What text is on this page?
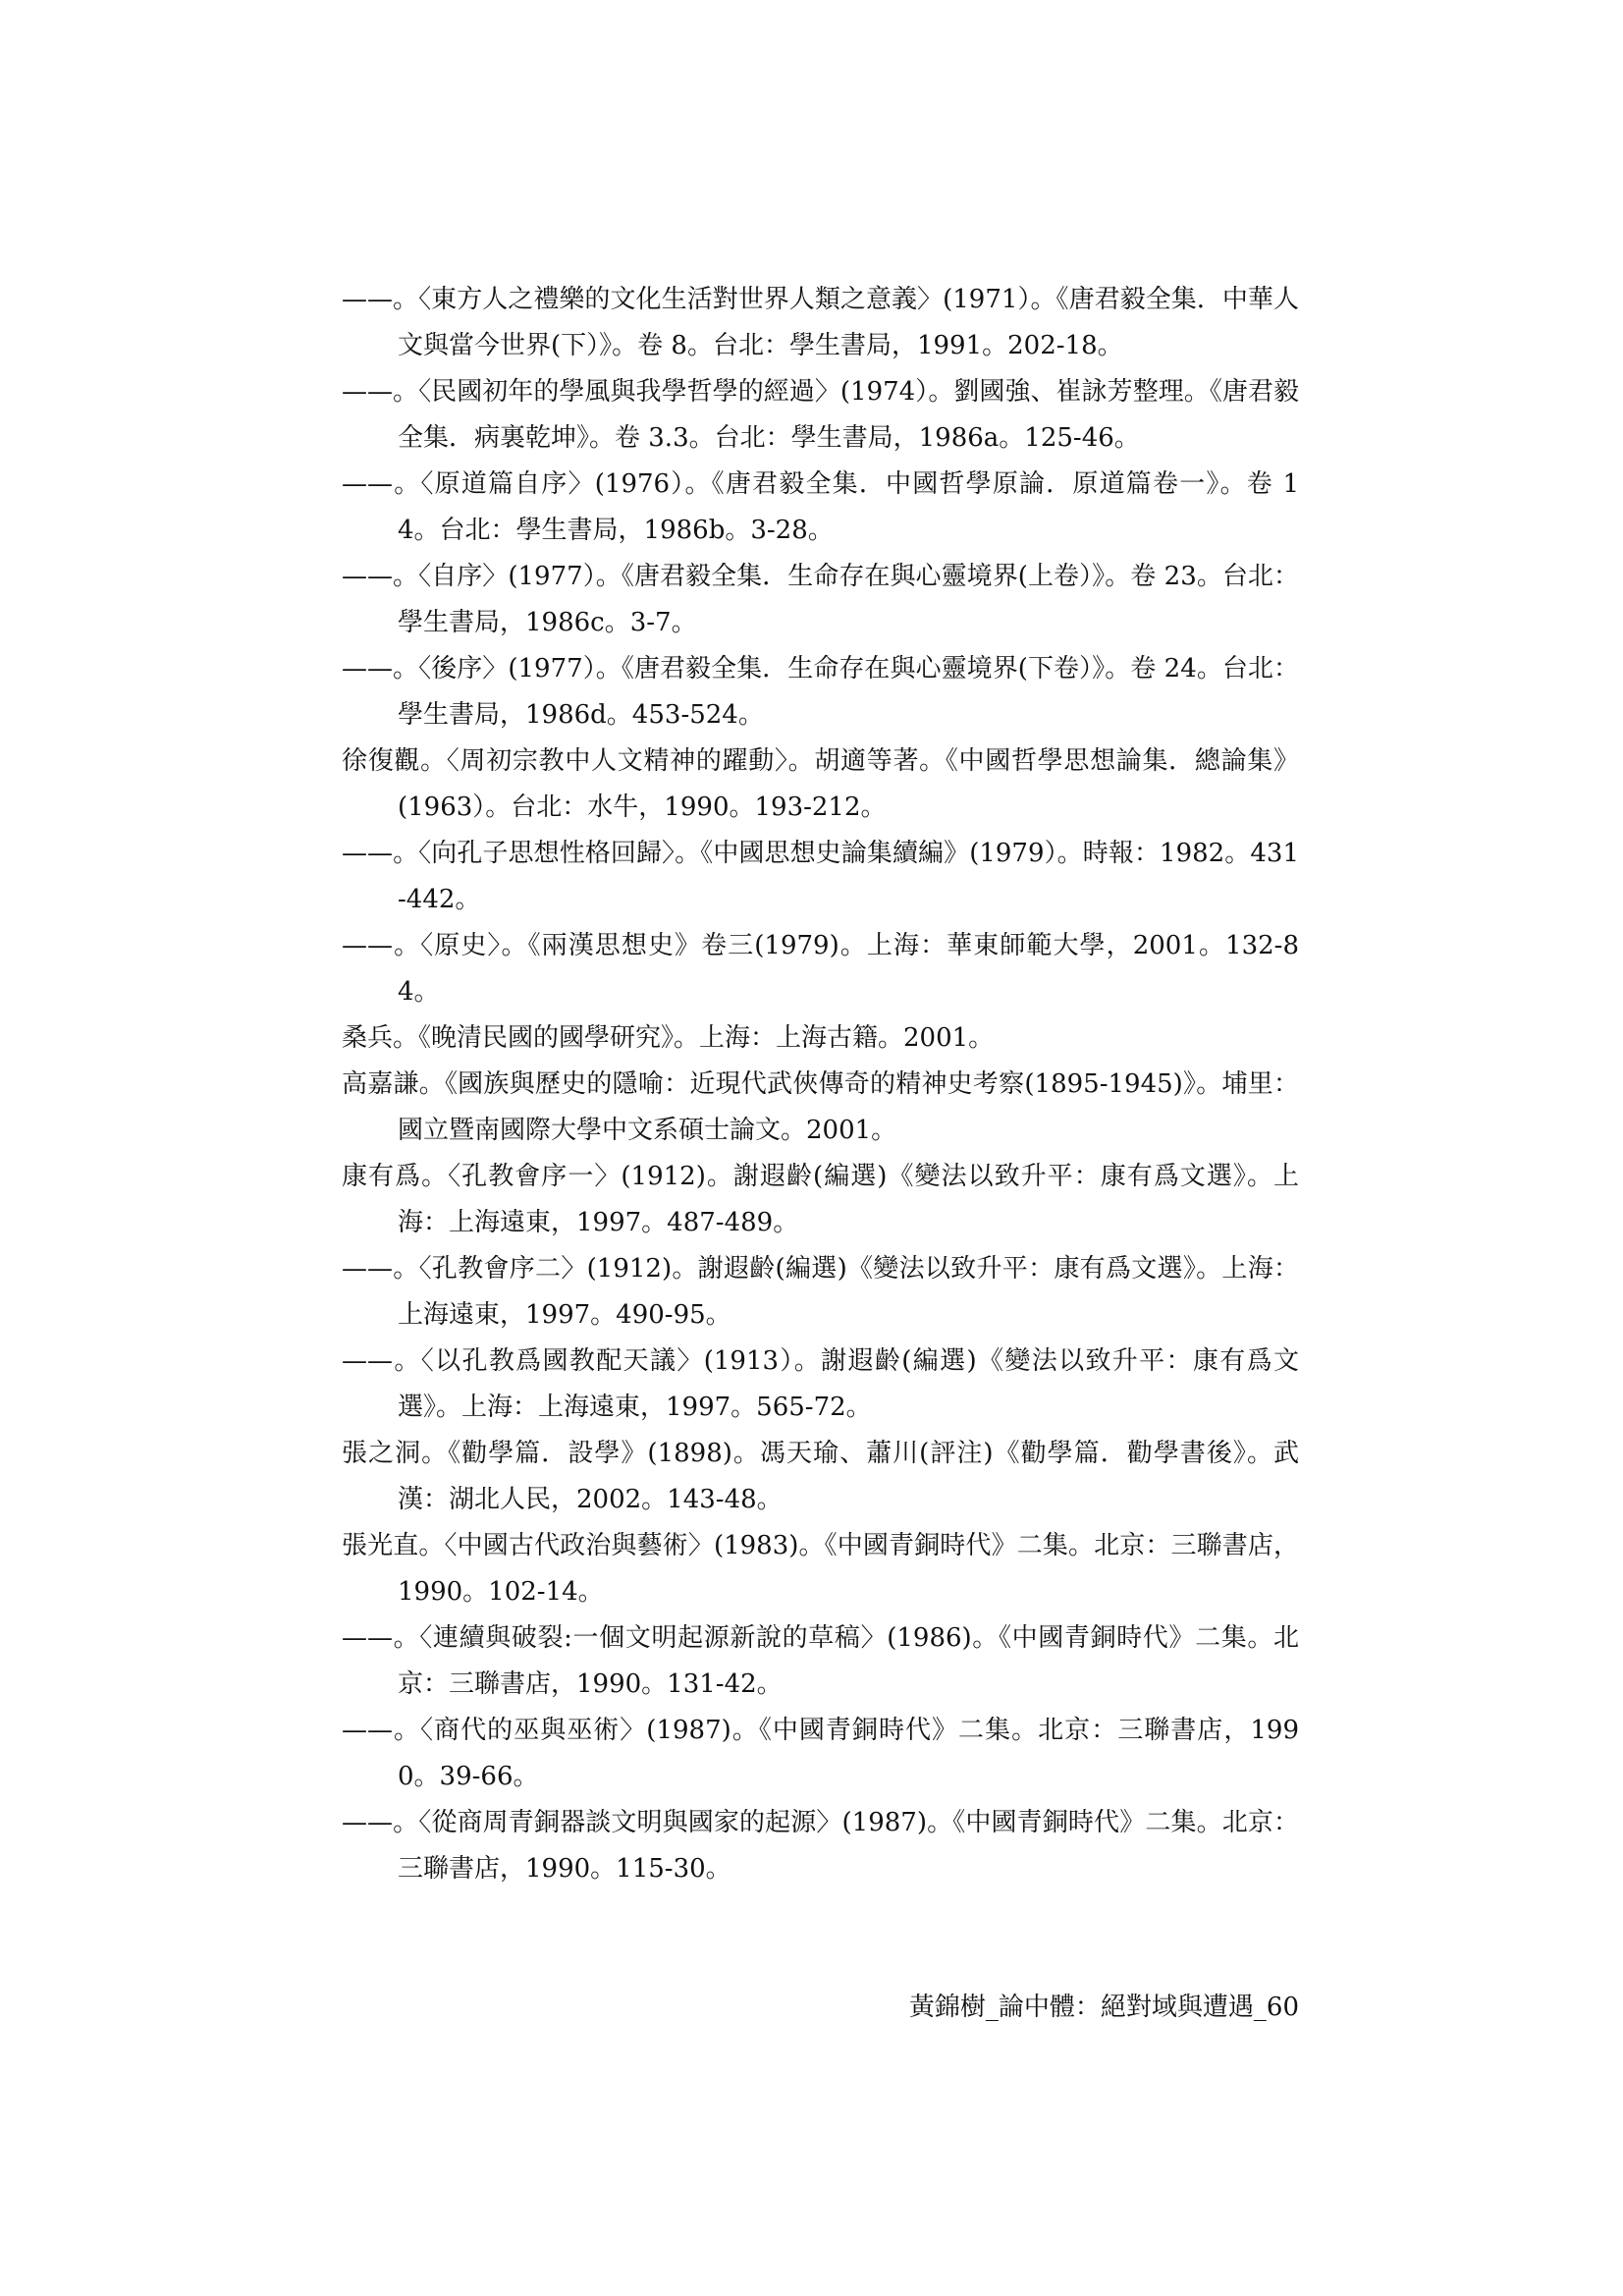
——。〈東方人之禮樂的文化生活對世界人類之意義〉(1971）。《唐君毅全集．中華人文與當今世界(下）》。卷 8。台北：學生書局，1991。202-18。

——。〈民國初年的學風與我學哲學的經過〉(1974）。劉國強、崔詠芳整理。《唐君毅全集．病裏乾坤》。卷 3.3。台北：學生書局，1986a。125-46。

——。〈原道篇自序〉(1976）。《唐君毅全集．中國哲學原論．原道篇卷一》。卷 14。台北：學生書局，1986b。3-28。

——。〈自序〉(1977）。《唐君毅全集．生命存在與心靈境界(上卷）》。卷 23。台北：學生書局，1986c。3-7。

——。〈後序〉(1977）。《唐君毅全集．生命存在與心靈境界(下卷）》。卷 24。台北：學生書局，1986d。453-524。

徐復觀。〈周初宗教中人文精神的躍動〉。胡適等著。《中國哲學思想論集．總論集》(1963）。台北：水牛，1990。193-212。

——。〈向孔子思想性格回歸〉。《中國思想史論集續編》(1979）。時報：1982。431-442。

——。〈原史〉。《兩漢思想史》卷三(1979)。上海：華東師範大學，2001。132-84。

桑兵。《晚清民國的國學研究》。上海：上海古籍。2001。

高嘉謙。《國族與歷史的隱喻：近現代武俠傳奇的精神史考察(1895-1945)》。埔里：國立暨南國際大學中文系碩士論文。2001。

康有爲。〈孔教會序一〉(1912)。謝遐齡(編選)《變法以致升平：康有爲文選》。上海：上海遠東，1997。487-489。

——。〈孔教會序二〉(1912)。謝遐齡(編選)《變法以致升平：康有爲文選》。上海：上海遠東，1997。490-95。

——。〈以孔教爲國教配天議〉(1913）。謝遐齡(編選)《變法以致升平：康有爲文選》。上海：上海遠東，1997。565-72。

張之洞。《勸學篇．設學》(1898)。馮天瑜、蕭川(評注)《勸學篇．勸學書後》。武漢：湖北人民，2002。143-48。

張光直。〈中國古代政治與藝術〉(1983)。《中國青銅時代》二集。北京：三聯書店，1990。102-14。

——。〈連續與破裂:一個文明起源新說的草稿〉(1986)。《中國青銅時代》二集。北京：三聯書店，1990。131-42。

——。〈商代的巫與巫術〉(1987)。《中國青銅時代》二集。北京：三聯書店，1990。39-66。

——。〈從商周青銅器談文明與國家的起源〉(1987)。《中國青銅時代》二集。北京：三聯書店，1990。115-30。

黃錦樹_論中體：絕對域與遭遇_60
